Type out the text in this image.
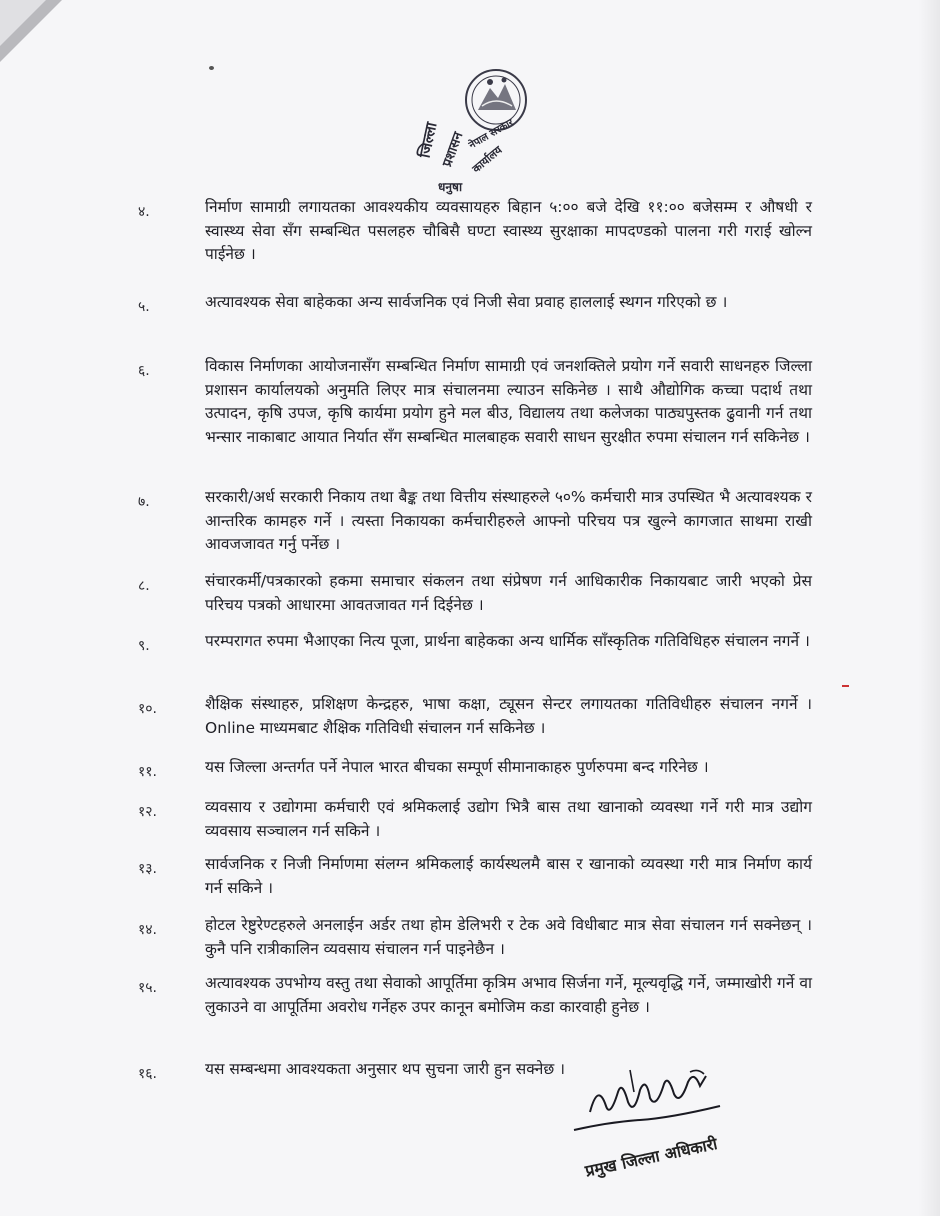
नेपाल सरकार
जिल्ला प्रशासन कार्यालय
धनुषा
४.	निर्माण सामाग्री लगायतका आवश्यकीय व्यवसायहरु बिहान ५:०० बजे देखि ११:०० बजेसम्म र औषधी र स्वास्थ्य सेवा सँग सम्बन्धित पसलहरु चौबिसै घण्टा स्वास्थ्य सुरक्षाका मापदण्डको पालना गरी गराई खोल्न पाईनेछ ।
५.	अत्यावश्यक सेवा बाहेकका अन्य सार्वजनिक एवं निजी सेवा प्रवाह हाललाई स्थगन गरिएको छ ।
६.	विकास निर्माणका आयोजनासँग सम्बन्धित निर्माण सामाग्री एवं जनशक्तिले प्रयोग गर्ने सवारी साधनहरु जिल्ला प्रशासन कार्यालयको अनुमति लिएर मात्र संचालनमा ल्याउन सकिनेछ । साथै औद्योगिक कच्चा पदार्थ तथा उत्पादन, कृषि उपज, कृषि कार्यमा प्रयोग हुने मल बीउ, विद्यालय तथा कलेजका पाठ्यपुस्तक ढुवानी गर्न तथा भन्सार नाकाबाट आयात निर्यात सँग सम्बन्धित मालबाहक सवारी साधन सुरक्षीत रुपमा संचालन गर्न सकिनेछ ।
७.	सरकारी/अर्ध सरकारी निकाय तथा बैङ्क तथा वित्तीय संस्थाहरुले ५०% कर्मचारी मात्र उपस्थित भै अत्यावश्यक र आन्तरिक कामहरु गर्ने । त्यस्ता निकायका कर्मचारीहरुले आफ्नो परिचय पत्र खुल्ने कागजात साथमा राखी आवजजावत गर्नु पर्नेछ ।
८.	संचारकर्मी/पत्रकारको हकमा समाचार संकलन तथा संप्रेषण गर्न आधिकारीक निकायबाट जारी भएको प्रेस परिचय पत्रको आधारमा आवतजावत गर्न दिईनेछ ।
९.	परम्परागत रुपमा भैआएका नित्य पूजा, प्रार्थना बाहेकका अन्य धार्मिक साँस्कृतिक गतिविधिहरु संचालन नगर्ने ।
१०.	शैक्षिक संस्थाहरु, प्रशिक्षण केन्द्रहरु, भाषा कक्षा, ट्यूसन सेन्टर लगायतका गतिविधीहरु संचालन नगर्ने । Online माध्यमबाट शैक्षिक गतिविधी संचालन गर्न सकिनेछ ।
११.	यस जिल्ला अन्तर्गत पर्ने नेपाल भारत बीचका सम्पूर्ण सीमानाकाहरु पुर्णरुपमा बन्द गरिनेछ ।
१२.	व्यवसाय र उद्योगमा कर्मचारी एवं श्रमिकलाई उद्योग भित्रै बास तथा खानाको व्यवस्था गर्ने गरी मात्र उद्योग व्यवसाय सञ्चालन गर्न सकिने ।
१३.	सार्वजनिक र निजी निर्माणमा संलग्न श्रमिकलाई कार्यस्थलमै बास र खानाको व्यवस्था गरी मात्र निर्माण कार्य गर्न सकिने ।
१४.	होटल रेष्टुरेण्टहरुले अनलाईन अर्डर तथा होम डेलिभरी र टेक अवे विधीबाट मात्र सेवा संचालन गर्न सक्नेछन् । कुनै पनि रात्रीकालिन व्यवसाय संचालन गर्न पाइनेछैन ।
१५.	अत्यावश्यक उपभोग्य वस्तु तथा सेवाको आपूर्तिमा कृत्रिम अभाव सिर्जना गर्ने, मूल्यवृद्धि गर्ने, जम्माखोरी गर्ने वा लुकाउने वा आपूर्तिमा अवरोध गर्नेहरु उपर कानून बमोजिम कडा कारवाही हुनेछ ।
१६.	यस सम्बन्धमा आवश्यकता अनुसार थप सुचना जारी हुन सक्नेछ ।
प्रमुख जिल्ला अधिकारी
